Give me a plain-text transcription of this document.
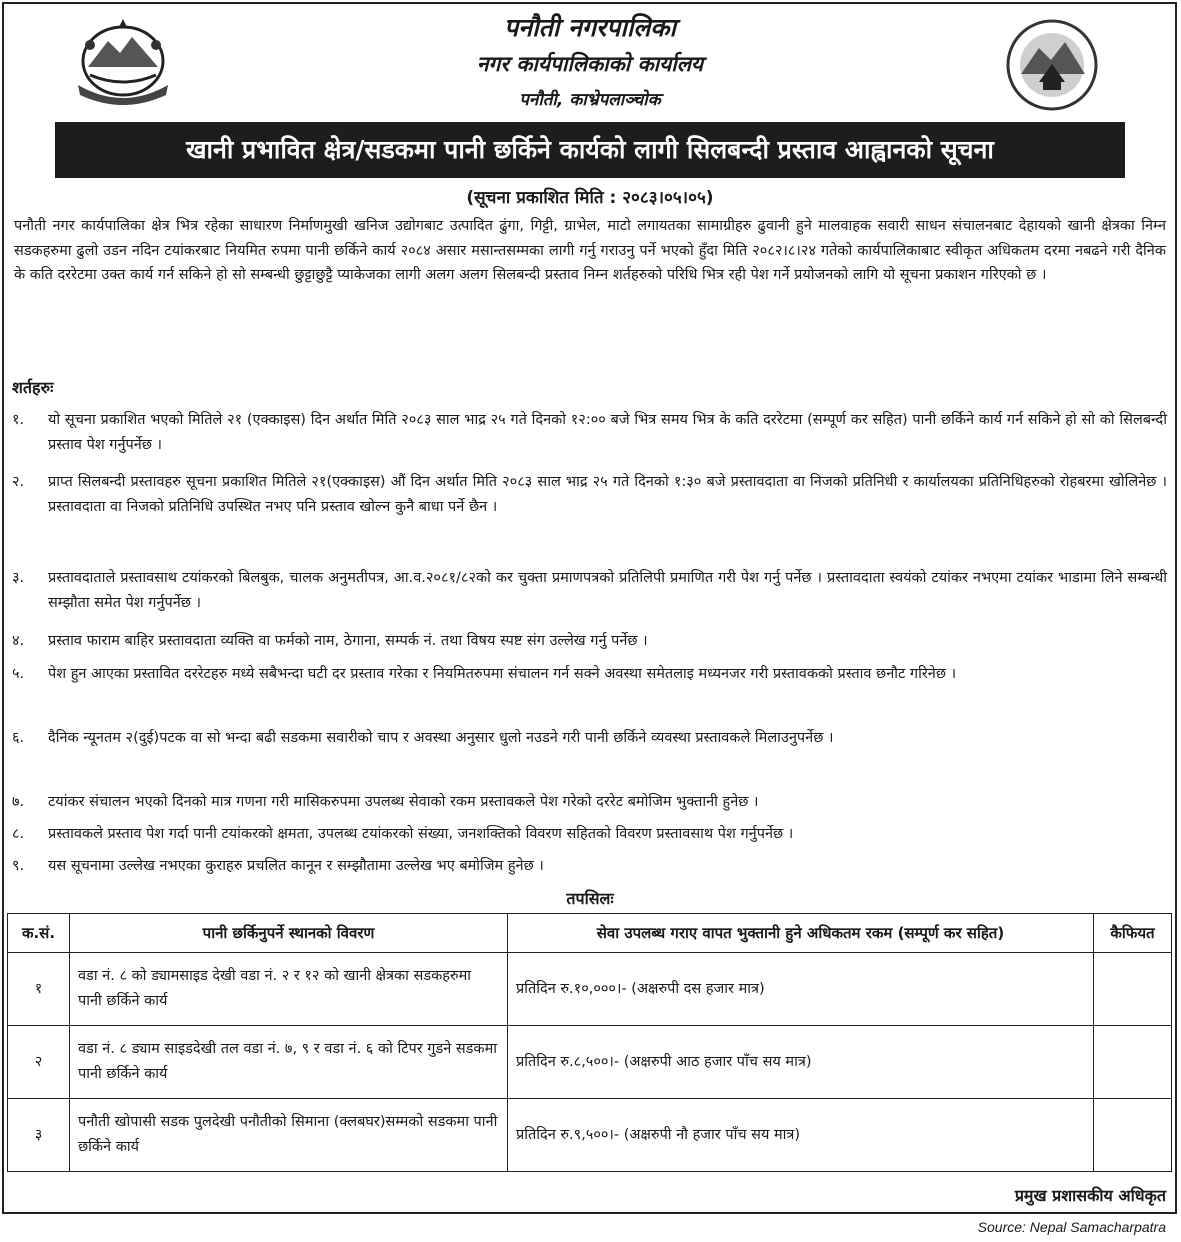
पनौती नगरपालिका
नगर कार्यपालिकाको कार्यालय
पनौती, काभ्रेपलाञ्चोक
खानी प्रभावित क्षेत्र/सडकमा पानी छर्किने कार्यको लागी सिलबन्दी प्रस्ताव आह्वानको सूचना
(सूचना प्रकाशित मिति : २०८३।०५।०५)
पनौती नगर कार्यपालिका क्षेत्र भित्र रहेका साधारण निर्माणमुखी खनिज उद्योगबाट उत्पादित ढुंगा, गिट्टी, ग्राभेल, माटो लगायतका सामाग्रीहरु ढुवानी हुने मालवाहक सवारी साधन संचालनबाट देहायको खानी क्षेत्रका निम्न सडकहरुमा ढुलो उडन नदिन टयांकरबाट नियमित रुपमा पानी छर्किने कार्य २०८४ असार मसान्तसम्मका लागी गर्नु गराउनु पर्ने भएको हुँदा मिति २०८२।८।२४ गतेको कार्यपालिकाबाट स्वीकृत अधिकतम दरमा नबढने गरी दैनिक के कति दररेटमा उक्त कार्य गर्न सकिने हो सो सम्बन्धी छुट्टाछुट्टै प्याकेजका लागी अलग अलग सिलबन्दी प्रस्ताव निम्न शर्तहरुको परिधि भित्र रही पेश गर्ने प्रयोजनको लागि यो सूचना प्रकाशन गरिएको छ ।
शर्तहरुः
१.	यो सूचना प्रकाशित भएको मितिले २१ (एक्काइस) दिन अर्थात मिति २०८३ साल भाद्र २५ गते दिनको १२:०० बजे भित्र समय भित्र के कति दररेटमा (सम्पूर्ण कर सहित) पानी छर्किने कार्य गर्न सकिने हो सो को सिलबन्दी प्रस्ताव पेश गर्नुपर्नेछ ।
२.	प्राप्त सिलबन्दी प्रस्तावहरु सूचना प्रकाशित मितिले २१(एक्काइस) औं दिन अर्थात मिति २०८३ साल भाद्र २५ गते दिनको १:३० बजे प्रस्तावदाता वा निजको प्रतिनिधी र कार्यालयका प्रतिनिधिहरुको रोहबरमा खोलिनेछ । प्रस्तावदाता वा निजको प्रतिनिधि उपस्थित नभए पनि प्रस्ताव खोल्न कुनै बाधा पर्ने छैन ।
३.	प्रस्तावदाताले प्रस्तावसाथ टयांकरको बिलबुक, चालक अनुमतीपत्र, आ.व.२०८१/८२को कर चुक्ता प्रमाणपत्रको प्रतिलिपी प्रमाणित गरी पेश गर्नु पर्नेछ । प्रस्तावदाता स्वयंको टयांकर नभएमा टयांकर भाडामा लिने सम्बन्धी सम्झौता समेत पेश गर्नुपर्नेछ ।
४.	प्रस्ताव फाराम बाहिर प्रस्तावदाता व्यक्ति वा फर्मको नाम, ठेगाना, सम्पर्क नं. तथा विषय स्पष्ट संग उल्लेख गर्नु पर्नेछ ।
५.	पेश हुन आएका प्रस्तावित दररेटहरु मध्ये सबैभन्दा घटी दर प्रस्ताव गरेका र नियमितरुपमा संचालन गर्न सक्ने अवस्था समेतलाइ मध्यनजर गरी प्रस्तावकको प्रस्ताव छनौट गरिनेछ ।
६.	दैनिक न्यूनतम २(दुई)पटक वा सो भन्दा बढी सडकमा सवारीको चाप र अवस्था अनुसार धुलो नउडने गरी पानी छर्किने व्यवस्था प्रस्तावकले मिलाउनुपर्नेछ ।
७.	टयांकर संचालन भएको दिनको मात्र गणना गरी मासिकरुपमा उपलब्ध सेवाको रकम प्रस्तावकले पेश गरेको दररेट बमोजिम भुक्तानी हुनेछ ।
८.	प्रस्तावकले प्रस्ताव पेश गर्दा पानी टयांकरको क्षमता, उपलब्ध टयांकरको संख्या, जनशक्तिको विवरण सहितको विवरण प्रस्तावसाथ पेश गर्नुपर्नेछ ।
९.	यस सूचनामा उल्लेख नभएका कुराहरु प्रचलित कानून र सम्झौतामा उल्लेख भए बमोजिम हुनेछ ।
तपसिलः
क.सं.	पानी छर्किनुपर्ने स्थानको विवरण	सेवा उपलब्ध गराए वापत भुक्तानी हुने अधिकतम रकम (सम्पूर्ण कर सहित)	कैफियत
१	वडा नं. ८ को ड्यामसाइड देखी वडा नं. २ र १२ को खानी क्षेत्रका सडकहरुमा पानी छर्किने कार्य	प्रतिदिन रु.१०,०००।- (अक्षरुपी दस हजार मात्र)	
२	वडा नं. ८ ड्याम साइडदेखी तल वडा नं. ७, ९ र वडा नं. ६ को टिपर गुडने सडकमा पानी छर्किने कार्य	प्रतिदिन रु.८,५००।- (अक्षरुपी आठ हजार पाँच सय मात्र)	
३	पनौती खोपासी सडक पुलदेखी पनौतीको सिमाना (क्लबघर)सम्मको सडकमा पानी छर्किने कार्य	प्रतिदिन रु.९,५००।- (अक्षरुपी नौ हजार पाँच सय मात्र)	
प्रमुख प्रशासकीय अधिकृत
Source: Nepal Samacharpatra
